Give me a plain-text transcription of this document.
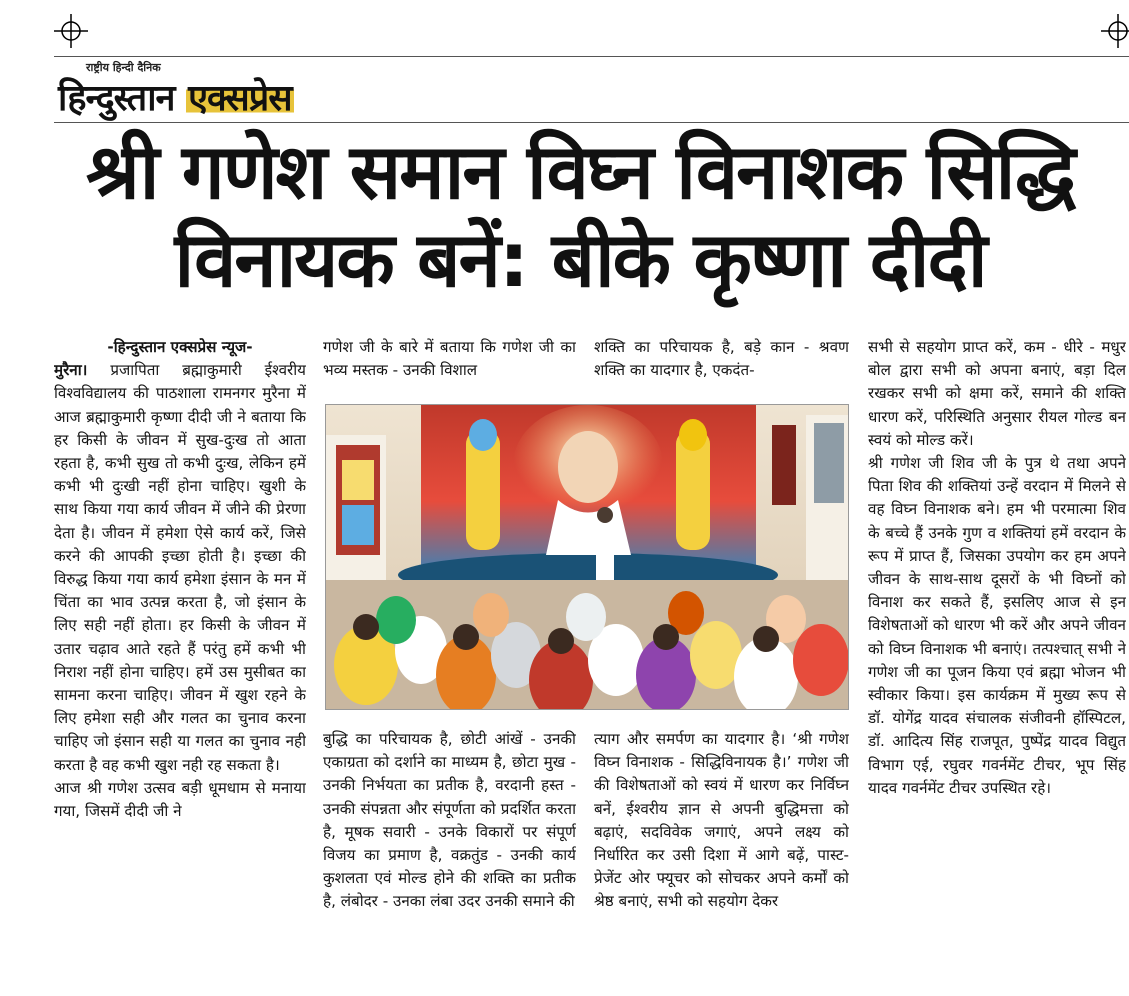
राष्ट्रीय हिन्दी दैनिक
हिन्दुस्तान एक्सप्रेस
श्री गणेश समान विघ्न विनाशक सिद्धि
विनायक बनें: बीके कृष्णा दीदी
-हिन्दुस्तान एक्सप्रेस न्यूज-

मुरैना। प्रजापिता ब्रह्माकुमारी ईश्वरीय विश्वविद्यालय की पाठशाला रामनगर मुरैना में आज ब्रह्माकुमारी कृष्णा दीदी जी ने बताया कि हर किसी के जीवन में सुख-दुःख तो आता रहता है, कभी सुख तो कभी दुःख, लेकिन हमें कभी भी दुःखी नहीं होना चाहिए। खुशी के साथ किया गया कार्य जीवन में जीने की प्रेरणा देता है। जीवन में हमेशा ऐसे कार्य करें, जिसे करने की आपकी इच्छा होती है। इच्छा की विरुद्ध किया गया कार्य हमेशा इंसान के मन में चिंता का भाव उत्पन्न करता है, जो इंसान के लिए सही नहीं होता। हर किसी के जीवन में उतार चढ़ाव आते रहते हैं परंतु हमें कभी भी निराश नहीं होना चाहिए। हमें उस मुसीबत का सामना करना चाहिए। जीवन में खुश रहने के लिए हमेशा सही और गलत का चुनाव करना चाहिए जो इंसान सही या गलत का चुनाव नही करता है वह कभी खुश नही रह सकता है।

आज श्री गणेश उत्सव बड़ी धूमधाम से मनाया गया, जिसमें दीदी जी ने

गणेश जी के बारे में बताया कि गणेश जी का भव्य मस्तक - उनकी विशाल

शक्ति का परिचायक है, बड़े कान - श्रवण शक्ति का यादगार है, एकदंत-

बुद्धि का परिचायक है, छोटी आंखें - उनकी एकाग्रता को दर्शाने का माध्यम है, छोटा मुख - उनकी निर्भयता का प्रतीक है, वरदानी हस्त - उनकी संपन्नता और संपूर्णता को प्रदर्शित करता है, मूषक सवारी - उनके विकारों पर संपूर्ण विजय का प्रमाण है, वक्रतुंड - उनकी कार्य कुशलता एवं मोल्ड होने की शक्ति का प्रतीक है, लंबोदर - उनका लंबा उदर उनकी समाने की

त्याग और समर्पण का यादगार है। ‘श्री गणेश विघ्न विनाशक - सिद्धिविनायक है।’ गणेश जी की विशेषताओं को स्वयं में धारण कर निर्विघ्न बनें, ईश्वरीय ज्ञान से अपनी बुद्धिमत्ता को बढ़ाएं, सदविवेक जगाएं, अपने लक्ष्य को निर्धारित कर उसी दिशा में आगे बढ़ें, पास्ट- प्रेजेंट ओर फ्यूचर को सोचकर अपने कर्मों को श्रेष्ठ बनाएं, सभी को सहयोग देकर

सभी से सहयोग प्राप्त करें, कम - धीरे - मधुर बोल द्वारा सभी को अपना बनाएं, बड़ा दिल रखकर सभी को क्षमा करें, समाने की शक्ति धारण करें, परिस्थिति अनुसार रीयल गोल्ड बन स्वयं को मोल्ड करें।

श्री गणेश जी शिव जी के पुत्र थे तथा अपने पिता शिव की शक्तियां उन्हें वरदान में मिलने से वह विघ्न विनाशक बने। हम भी परमात्मा शिव के बच्चे हैं उनके गुण व शक्तियां हमें वरदान के रूप में प्राप्त हैं, जिसका उपयोग कर हम अपने जीवन के साथ-साथ दूसरों के भी विघ्नों को विनाश कर सकते हैं, इसलिए आज से इन विशेषताओं को धारण भी करें और अपने जीवन को विघ्न विनाशक भी बनाएं। तत्पश्चात् सभी ने गणेश जी का पूजन किया एवं ब्रह्मा भोजन भी स्वीकार किया। इस कार्यक्रम में मुख्य रूप से डॉ. योगेंद्र यादव संचालक संजीवनी हॉस्पिटल, डॉ. आदित्य सिंह राजपूत, पुष्पेंद्र यादव विद्युत विभाग एई, रघुवर गवर्नमेंट टीचर, भूप सिंह यादव गवर्नमेंट टीचर उपस्थित रहे।
